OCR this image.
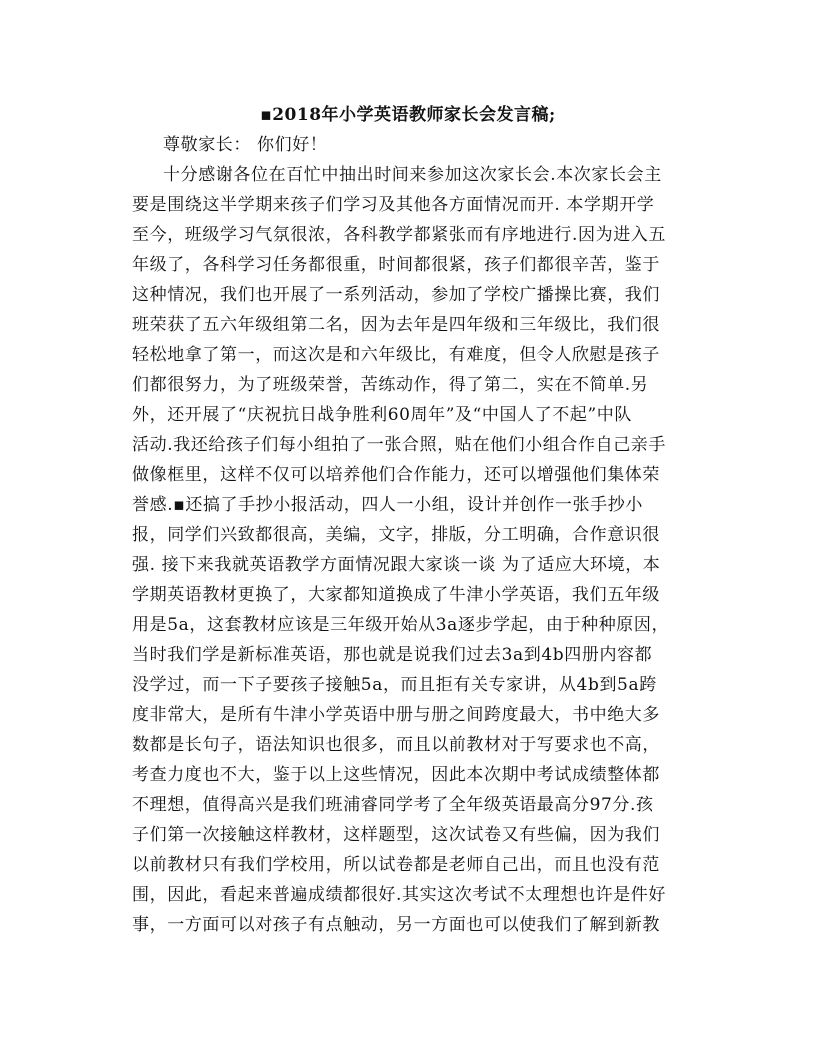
▪2018年小学英语教师家长会发言稿;
尊敬家长： 你们好！
十分感谢各位在百忙中抽出时间来参加这次家长会.本次家长会主
要是围绕这半学期来孩子们学习及其他各方面情况而开. 本学期开学
至今，班级学习气氛很浓，各科教学都紧张而有序地进行.因为进入五
年级了，各科学习任务都很重，时间都很紧，孩子们都很辛苦，鉴于
这种情况，我们也开展了一系列活动，参加了学校广播操比赛，我们
班荣获了五六年级组第二名，因为去年是四年级和三年级比，我们很
轻松地拿了第一，而这次是和六年级比，有难度，但令人欣慰是孩子
们都很努力，为了班级荣誉，苦练动作，得了第二，实在不简单.另
外，还开展了“庆祝抗日战争胜利60周年”及“中国人了不起”中队
活动.我还给孩子们每小组拍了一张合照，贴在他们小组合作自己亲手
做像框里，这样不仅可以培养他们合作能力，还可以增强他们集体荣
誉感.▪还搞了手抄小报活动，四人一小组，设计并创作一张手抄小
报，同学们兴致都很高，美编，文字，排版，分工明确，合作意识很
强. 接下来我就英语教学方面情况跟大家谈一谈 为了适应大环境，本
学期英语教材更换了，大家都知道换成了牛津小学英语，我们五年级
用是5a，这套教材应该是三年级开始从3a逐步学起，由于种种原因，
当时我们学是新标准英语，那也就是说我们过去3a到4b四册内容都
没学过，而一下子要孩子接触5a，而且拒有关专家讲，从4b到5a跨
度非常大，是所有牛津小学英语中册与册之间跨度最大，书中绝大多
数都是长句子，语法知识也很多，而且以前教材对于写要求也不高，
考查力度也不大，鉴于以上这些情况，因此本次期中考试成绩整体都
不理想，值得高兴是我们班浦睿同学考了全年级英语最高分97分.孩
子们第一次接触这样教材，这样题型，这次试卷又有些偏，因为我们
以前教材只有我们学校用，所以试卷都是老师自己出，而且也没有范
围，因此，看起来普遍成绩都很好.其实这次考试不太理想也许是件好
事，一方面可以对孩子有点触动，另一方面也可以使我们了解到新教
